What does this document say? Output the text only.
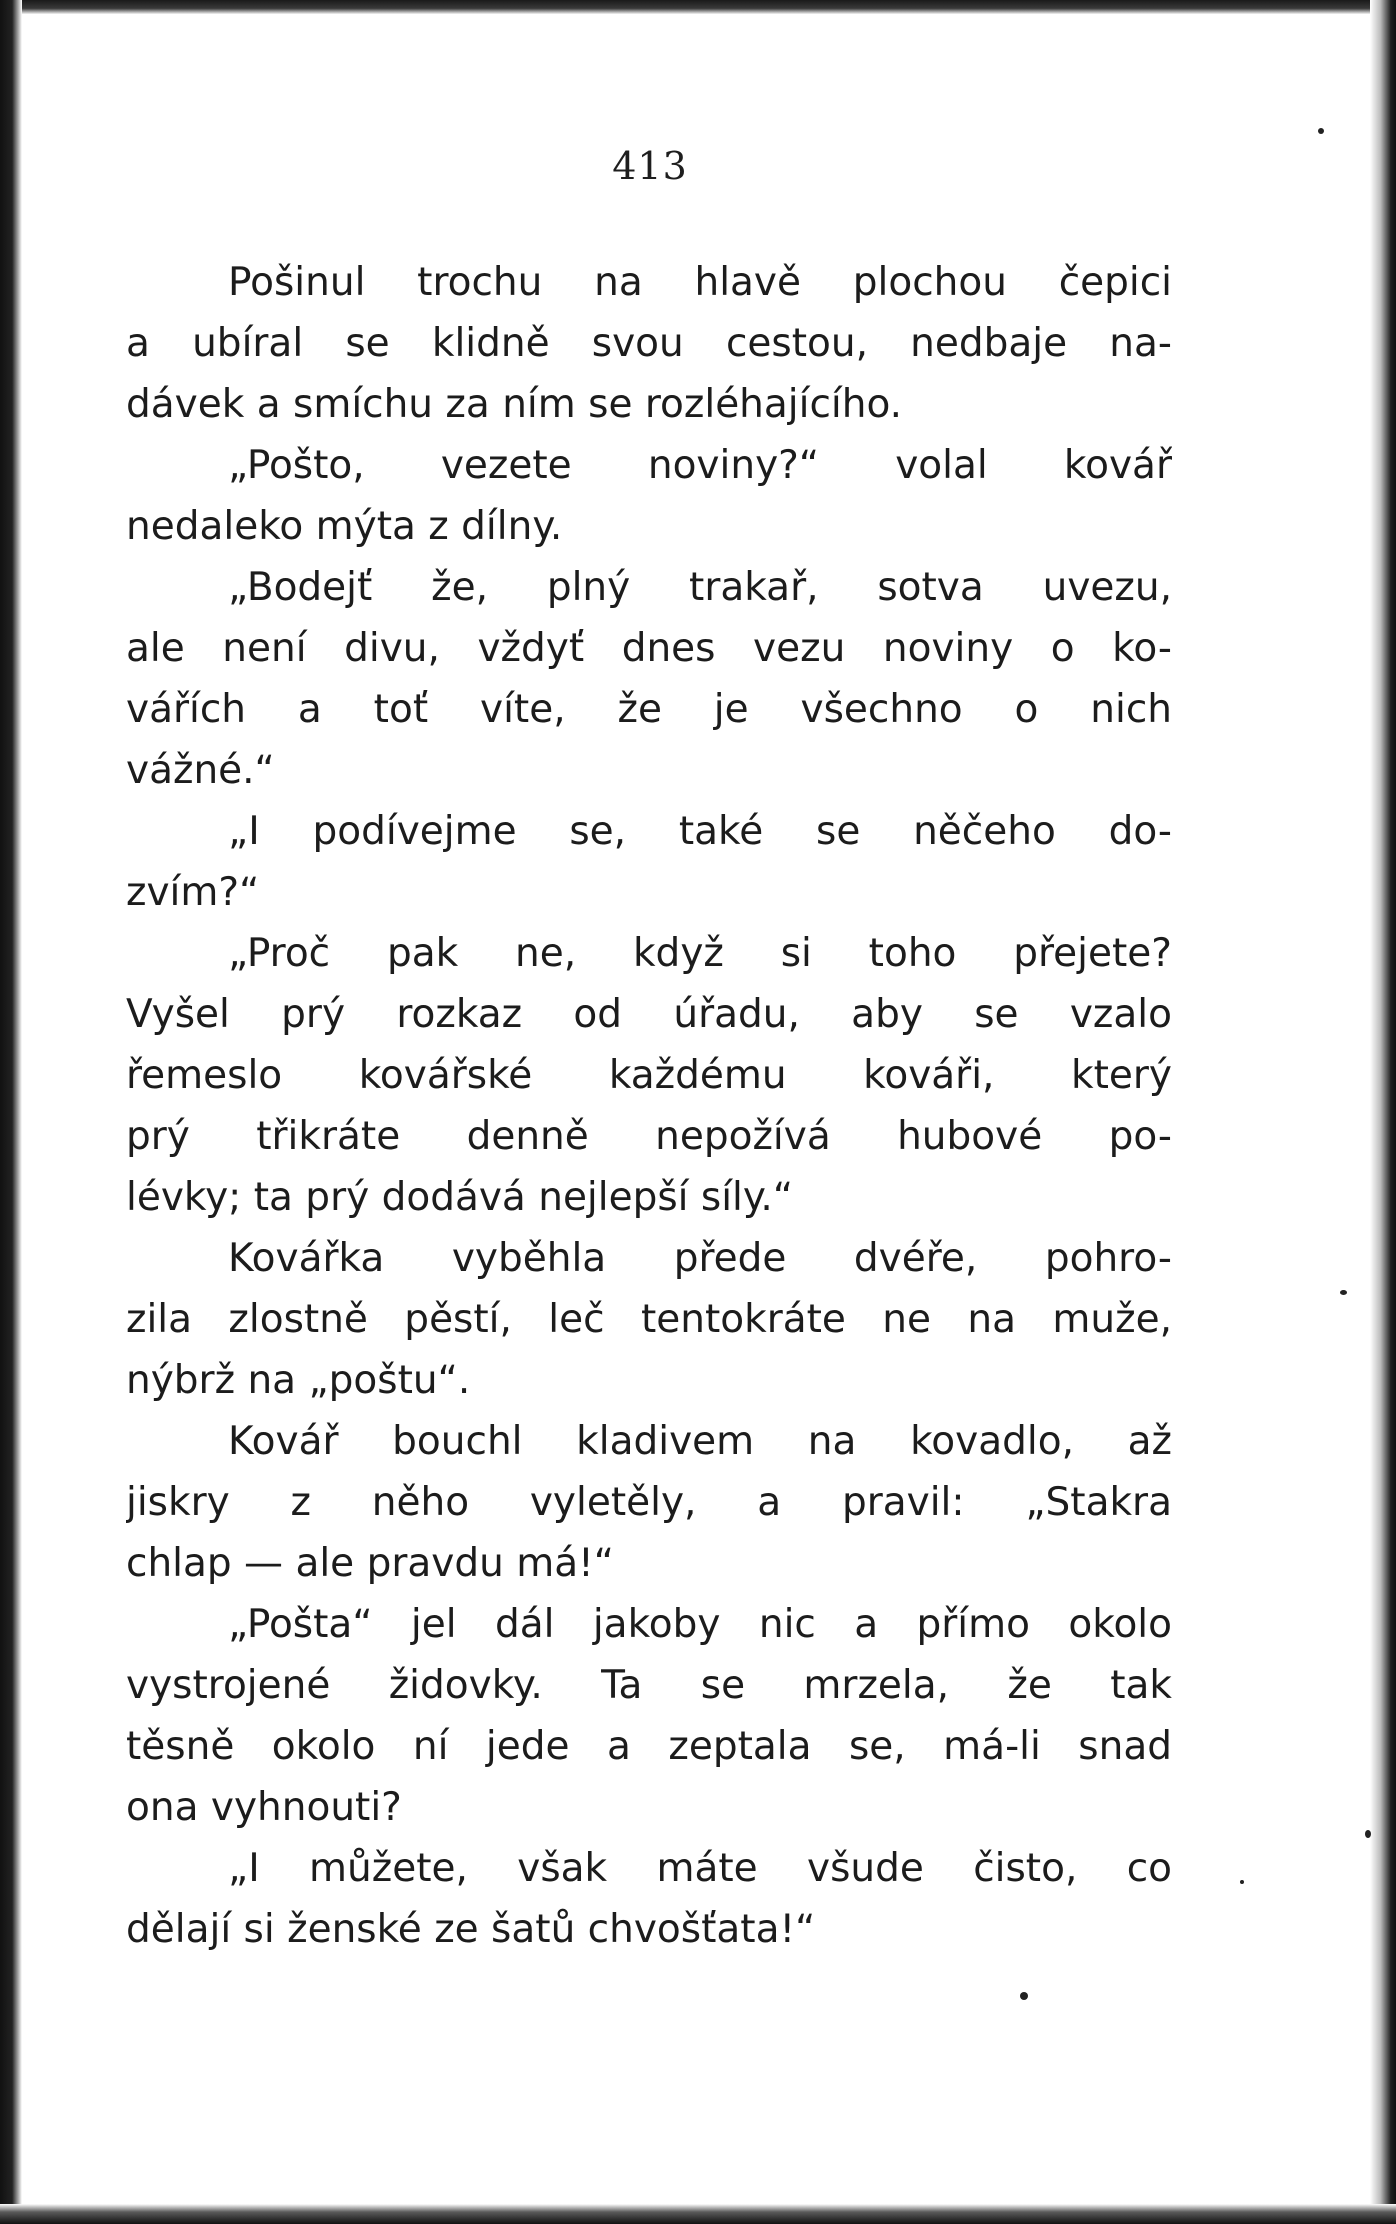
413
Pošinul trochu na hlavě plochou čepici
a ubíral se klidně svou cestou, nedbaje na-
dávek a smíchu za ním se rozléhajícího.
„Pošto, vezete noviny?“ volal kovář
nedaleko mýta z dílny.
„Bodejť že, plný trakař, sotva uvezu,
ale není divu, vždyť dnes vezu noviny o ko-
vářích a toť víte, že je všechno o nich
vážné.“
„I podívejme se, také se něčeho do-
zvím?“
„Proč pak ne, když si toho přejete?
Vyšel prý rozkaz od úřadu, aby se vzalo
řemeslo kovářské každému kováři, který
prý třikráte denně nepožívá hubové po-
lévky; ta prý dodává nejlepší síly.“
Kovářka vyběhla přede dvéře, pohro-
zila zlostně pěstí, leč tentokráte ne na muže,
nýbrž na „poštu“.
Kovář bouchl kladivem na kovadlo, až
jiskry z něho vyletěly, a pravil: „Stakra
chlap — ale pravdu má!“
„Pošta“ jel dál jakoby nic a přímo okolo
vystrojené židovky. Ta se mrzela, že tak
těsně okolo ní jede a zeptala se, má-li snad
ona vyhnouti?
„I můžete, však máte všude čisto, co
dělají si ženské ze šatů chvošťata!“
